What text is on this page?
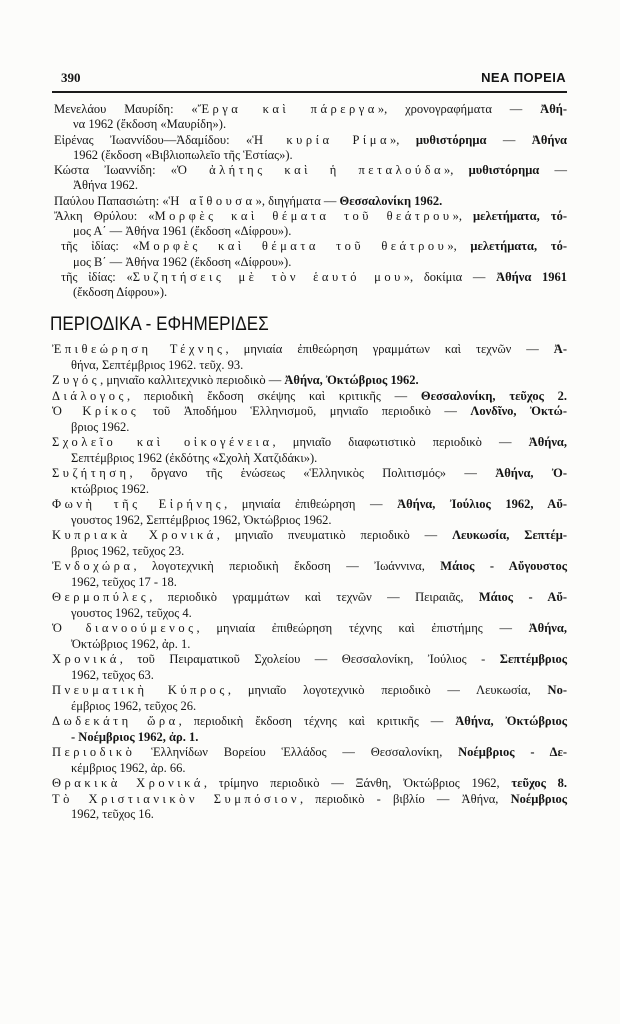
390	ΝΕΑ ΠΟΡΕΙΑ
Μενελάου Μαυρίδη: «Ἔργα καὶ πάρεργα», χρονογραφήματα — Ἀθή-
να 1962 (ἔκδοση «Μαυρίδη»).
Εἰρένας Ἰωαννίδου—Ἀδαμίδου: «Ἡ κυρία Ρίμα», μυθιστόρημα — Ἀθήνα
1962 (ἔκδοση «Βιβλιοπωλεῖο τῆς Ἑστίας»).
Κώστα Ἰωαννίδη: «Ὁ ἀλήτης καὶ ἡ πεταλούδα», μυθιστόρημα —
Ἀθήνα 1962.
Παύλου Παπασιώτη: «Ἡ αἴθουσα», διηγήματα — Θεσσαλονίκη 1962.
Ἄλκη Θρύλου: «Μορφὲς καὶ θέματα τοῦ θεάτρου», μελετήματα, τό-
μος Α΄ — Ἀθήνα 1961 (ἔκδοση «Δίφρου»).
τῆς ἰδίας: «Μορφὲς καὶ θέματα τοῦ θεάτρου», μελετήματα, τό-
μος Β΄ — Ἀθήνα 1962 (ἔκδοση «Δίφρου»).
τῆς ἰδίας: «Συζητήσεις μὲ τὸν ἑαυτό μου», δοκίμια — Ἀθήνα 1961
(ἔκδοση Δίφρου»).
ΠΕΡΙΟΔΙΚΑ - ΕΦΗΜΕΡΙΔΕΣ
Ἐπιθεώρηση Τέχνης, μηνιαία ἐπιθεώρηση γραμμάτων καὶ τεχνῶν — Ἀ-
θήνα, Σεπτέμβριος 1962. τεῦχ. 93.
Ζυγός, μηνιαῖο καλλιτεχνικὸ περιοδικὸ — Ἀθήνα, Ὀκτώβριος 1962.
Διάλογος, περιοδικὴ ἔκδοση σκέψης καὶ κριτικῆς — Θεσσαλονίκη, τεῦχος 2.
Ὁ Κρίκος τοῦ Ἀποδήμου Ἑλληνισμοῦ, μηνιαῖο περιοδικὸ — Λονδῖνο, Ὀκτώ-
βριος 1962.
Σχολεῖο καὶ οἰκογένεια, μηνιαῖο διαφωτιστικὸ περιοδικὸ — Ἀθήνα,
Σεπτέμβριος 1962 (ἐκδότης «Σχολὴ Χατζιδάκι»).
Συζήτηση, ὄργανο τῆς ἑνώσεως «Ἑλληνικὸς Πολιτισμός» — Ἀθήνα, Ὀ-
κτώβριος 1962.
Φωνὴ τῆς Εἰρήνης, μηνιαία ἐπιθεώρηση — Ἀθήνα, Ἰούλιος 1962, Αὔ-
γουστος 1962, Σεπτέμβριος 1962, Ὀκτώβριος 1962.
Κυπριακὰ Χρονικά, μηνιαῖο πνευματικὸ περιοδικὸ — Λευκωσία, Σεπτέμ-
βριος 1962, τεῦχος 23.
Ἐνδοχώρα, λογοτεχνικὴ περιοδικὴ ἔκδοση — Ἰωάννινα, Μάιος - Αὔγουστος
1962, τεῦχος 17 - 18.
Θερμοπύλες, περιοδικὸ γραμμάτων καὶ τεχνῶν — Πειραιᾶς, Μάιος - Αὔ-
γουστος 1962, τεῦχος 4.
Ὁ διανοούμενος, μηνιαία ἐπιθεώρηση τέχνης καὶ ἐπιστήμης — Ἀθήνα,
Ὀκτώβριος 1962, ἀρ. 1.
Χρονικά, τοῦ Πειραματικοῦ Σχολείου — Θεσσαλονίκη, Ἰούλιος - Σεπτέμβριος
1962, τεῦχος 63.
Πνευματικὴ Κύπρος, μηνιαῖο λογοτεχνικὸ περιοδικὸ — Λευκωσία, Νο-
έμβριος 1962, τεῦχος 26.
Δωδεκάτη ὥρα, περιοδικὴ ἔκδοση τέχνης καὶ κριτικῆς — Ἀθήνα, Ὀκτώβριος
- Νοέμβριος 1962, ἀρ. 1.
Περιοδικὸ Ἑλληνίδων Βορείου Ἑλλάδος — Θεσσαλονίκη, Νοέμβριος - Δε-
κέμβριος 1962, ἀρ. 66.
Θρακικὰ Χρονικά, τρίμηνο περιοδικὸ — Ξάνθη, Ὀκτώβριος 1962, τεῦχος 8.
Τὸ Χριστιανικὸν Συμπόσιον, περιοδικὸ - βιβλίο — Ἀθήνα, Νοέμβριος
1962, τεῦχος 16.
